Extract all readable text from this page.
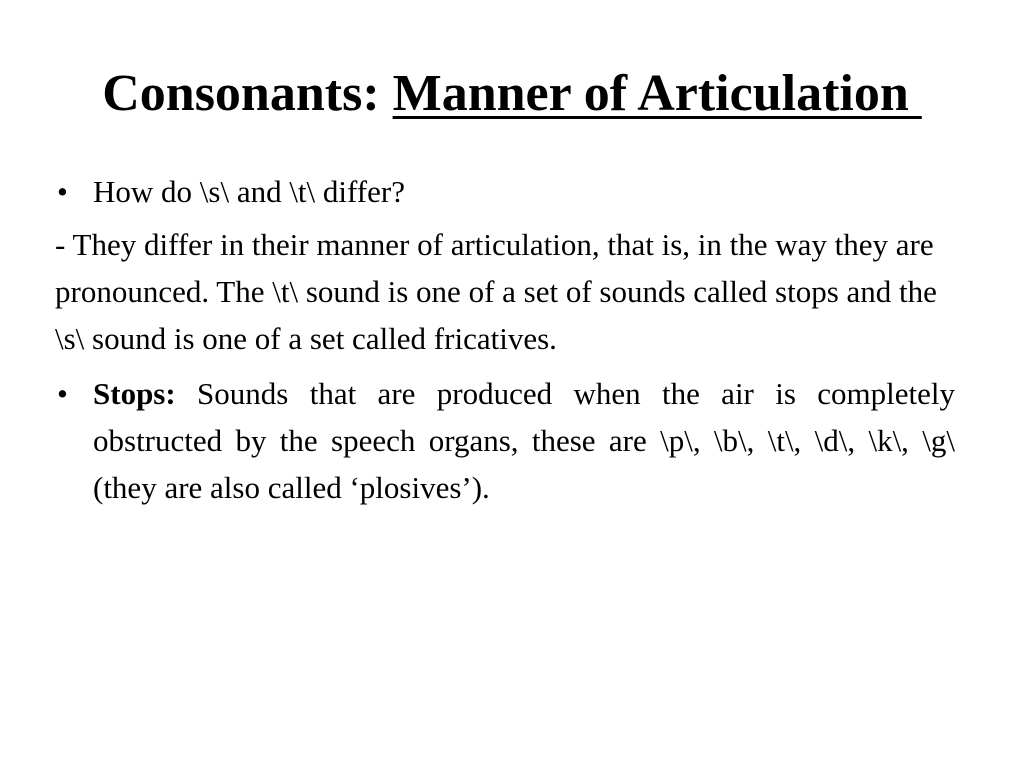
Consonants: Manner of Articulation
• How do \s\ and \t\ differ?
- They differ in their manner of articulation, that is, in the way they are pronounced. The \t\ sound is one of a set of sounds called stops and the \s\ sound is one of a set called fricatives.
• Stops: Sounds that are produced when the air is completely obstructed by the speech organs, these are \p\, \b\, \t\, \d\, \k\, \g\ (they are also called ‘plosives’).
